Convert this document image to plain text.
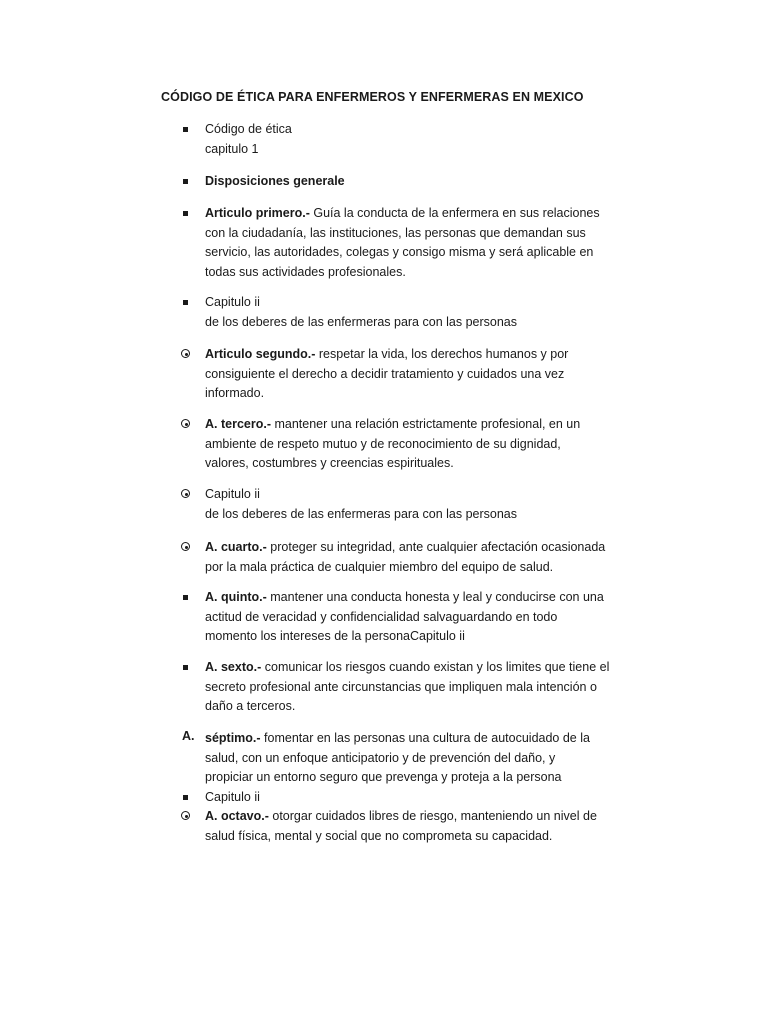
CÓDIGO DE ÉTICA PARA ENFERMEROS Y ENFERMERAS EN MEXICO
Código de ética
capitulo 1
Disposiciones generale
Articulo primero.- Guía la conducta de la enfermera en sus relaciones
con la ciudadanía, las instituciones, las personas que demandan sus
servicio, las autoridades, colegas y consigo misma y será aplicable en
todas sus actividades profesionales.
Capitulo ii
de los deberes de las enfermeras para con las personas
Articulo segundo.- respetar la vida, los derechos humanos y por
consiguiente el derecho a decidir tratamiento y cuidados una vez
informado.
A. tercero.- mantener una relación estrictamente profesional, en un
ambiente de respeto mutuo y de reconocimiento de su dignidad,
valores, costumbres y creencias espirituales.
Capitulo ii
de los deberes de las enfermeras para con las personas
A. cuarto.- proteger su integridad, ante cualquier afectación ocasionada
por la mala práctica de cualquier miembro del equipo de salud.
A. quinto.- mantener una conducta honesta y leal y conducirse con una
actitud de veracidad y confidencialidad salvaguardando en todo
momento los intereses de la personaCapitulo ii
A. sexto.- comunicar los riesgos cuando existan y los limites que tiene el
secreto profesional ante circunstancias que impliquen mala intención o
daño a terceros.
A. séptimo.- fomentar en las personas una cultura de autocuidado de la
salud, con un enfoque anticipatorio y de prevención del daño, y
propiciar un entorno seguro que prevenga y proteja a la persona
Capitulo ii
A. octavo.- otorgar cuidados libres de riesgo, manteniendo un nivel de
salud física, mental y social que no comprometa su capacidad.
